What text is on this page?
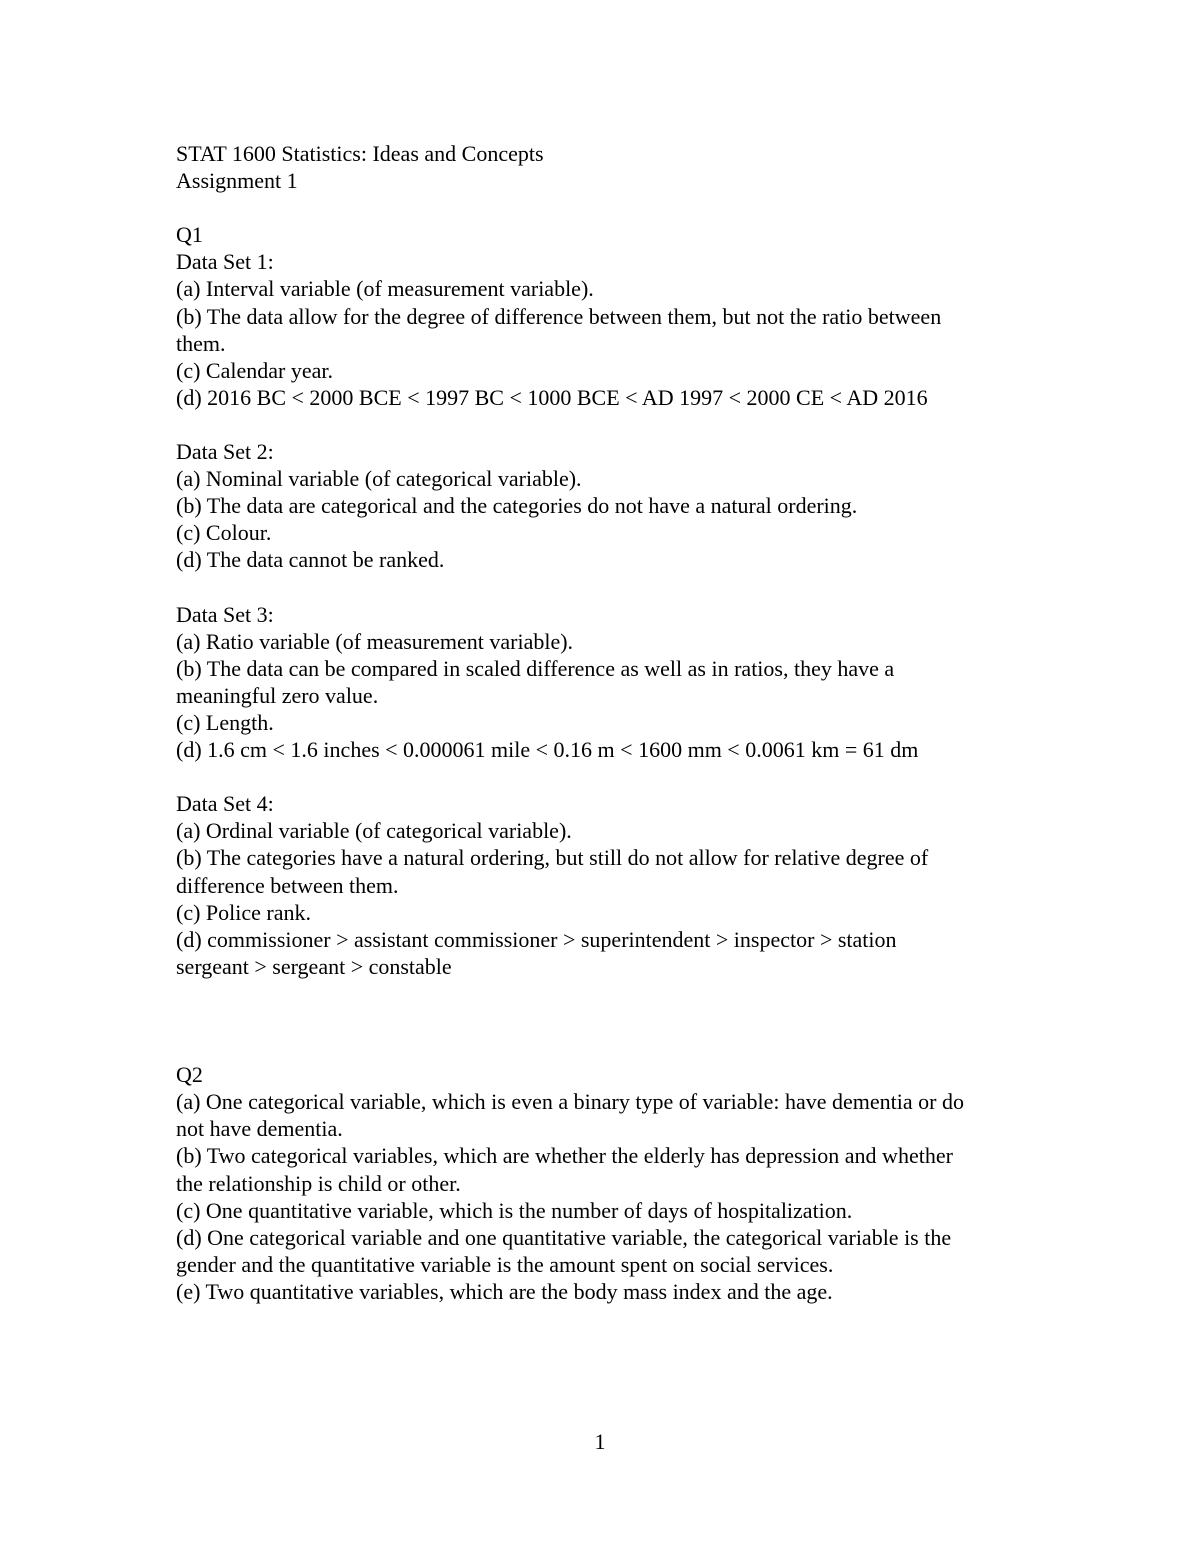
STAT 1600 Statistics: Ideas and Concepts
Assignment 1
Q1
Data Set 1:
(a) Interval variable (of measurement variable).
(b) The data allow for the degree of difference between them, but not the ratio between
them.
(c) Calendar year.
(d) 2016 BC < 2000 BCE < 1997 BC < 1000 BCE < AD 1997 < 2000 CE < AD 2016
Data Set 2:
(a) Nominal variable (of categorical variable).
(b) The data are categorical and the categories do not have a natural ordering.
(c) Colour.
(d) The data cannot be ranked.
Data Set 3:
(a) Ratio variable (of measurement variable).
(b) The data can be compared in scaled difference as well as in ratios, they have a
meaningful zero value.
(c) Length.
(d) 1.6 cm < 1.6 inches < 0.000061 mile < 0.16 m < 1600 mm < 0.0061 km = 61 dm
Data Set 4:
(a) Ordinal variable (of categorical variable).
(b) The categories have a natural ordering, but still do not allow for relative degree of
difference between them.
(c) Police rank.
(d) commissioner > assistant commissioner > superintendent > inspector > station
sergeant > sergeant > constable
Q2
(a) One categorical variable, which is even a binary type of variable: have dementia or do
not have dementia.
(b) Two categorical variables, which are whether the elderly has depression and whether
the relationship is child or other.
(c) One quantitative variable, which is the number of days of hospitalization.
(d) One categorical variable and one quantitative variable, the categorical variable is the
gender and the quantitative variable is the amount spent on social services.
(e) Two quantitative variables, which are the body mass index and the age.
1
